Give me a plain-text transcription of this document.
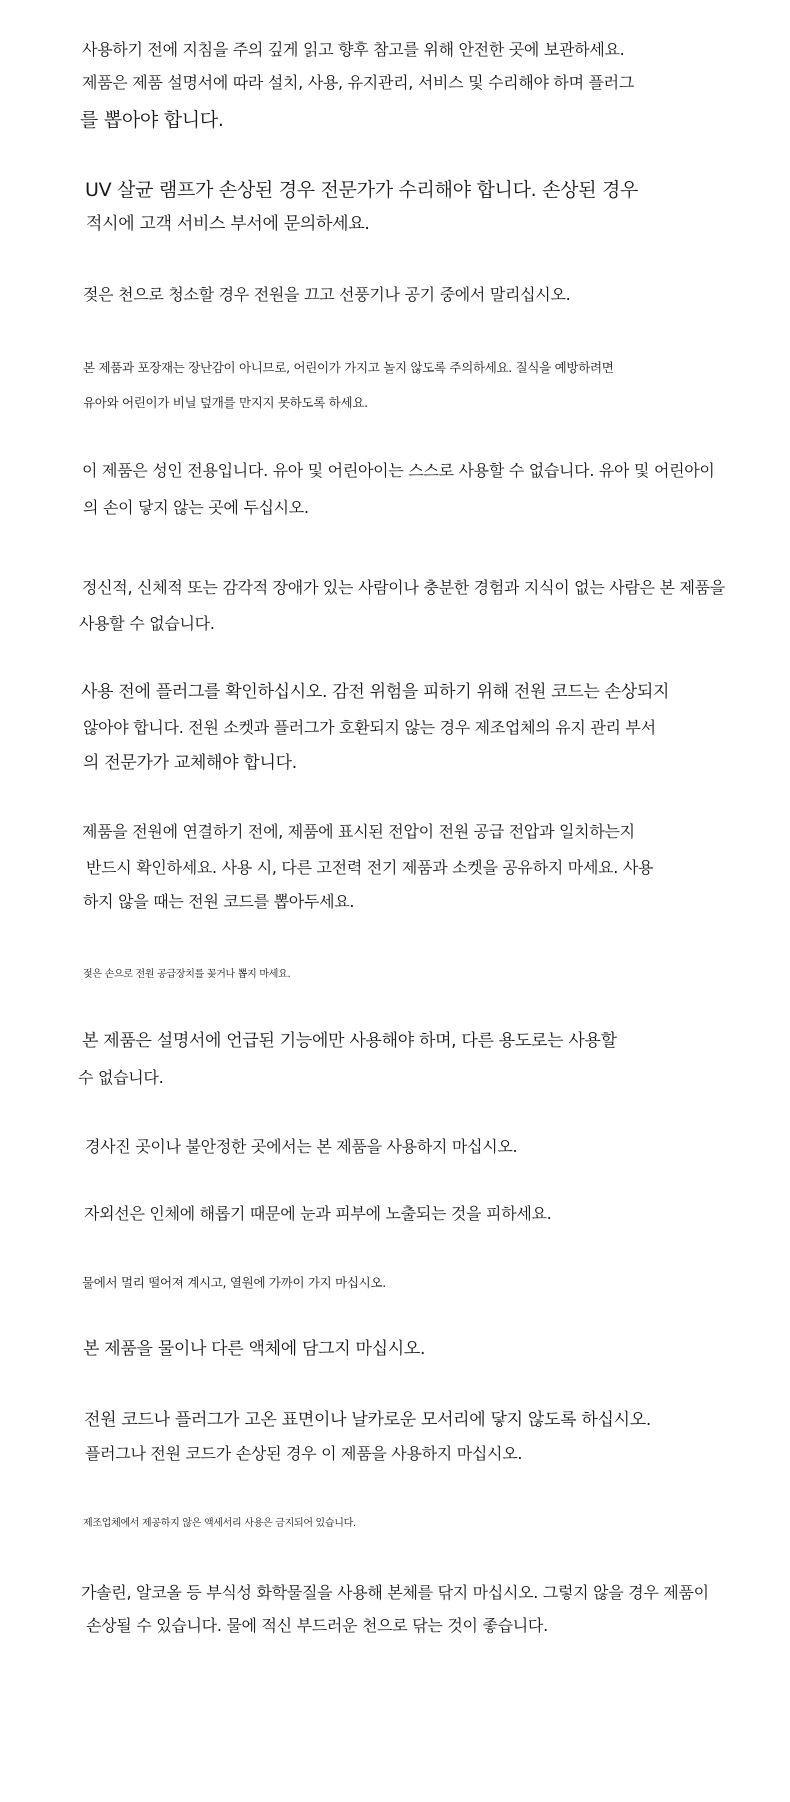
사용하기 전에 지침을 주의 깊게 읽고 향후 참고를 위해 안전한 곳에 보관하세요.
제품은 제품 설명서에 따라 설치, 사용, 유지관리, 서비스 및 수리해야 하며 플러그
를 뽑아야 합니다.
UV 살균 램프가 손상된 경우 전문가가 수리해야 합니다. 손상된 경우
적시에 고객 서비스 부서에 문의하세요.
젖은 천으로 청소할 경우 전원을 끄고 선풍기나 공기 중에서 말리십시오.
본 제품과 포장재는 장난감이 아니므로, 어린이가 가지고 놀지 않도록 주의하세요. 질식을 예방하려면
유아와 어린이가 비닐 덮개를 만지지 못하도록 하세요.
이 제품은 성인 전용입니다. 유아 및 어린아이는 스스로 사용할 수 없습니다. 유아 및 어린아이
의 손이 닿지 않는 곳에 두십시오.
정신적, 신체적 또는 감각적 장애가 있는 사람이나 충분한 경험과 지식이 없는 사람은 본 제품을
사용할 수 없습니다.
사용 전에 플러그를 확인하십시오. 감전 위험을 피하기 위해 전원 코드는 손상되지
않아야 합니다. 전원 소켓과 플러그가 호환되지 않는 경우 제조업체의 유지 관리 부서
의 전문가가 교체해야 합니다.
제품을 전원에 연결하기 전에, 제품에 표시된 전압이 전원 공급 전압과 일치하는지
반드시 확인하세요. 사용 시, 다른 고전력 전기 제품과 소켓을 공유하지 마세요. 사용
하지 않을 때는 전원 코드를 뽑아두세요.
젖은 손으로 전원 공급장치를 꽂거나 뽑지 마세요.
본 제품은 설명서에 언급된 기능에만 사용해야 하며, 다른 용도로는 사용할
수 없습니다.
경사진 곳이나 불안정한 곳에서는 본 제품을 사용하지 마십시오.
자외선은 인체에 해롭기 때문에 눈과 피부에 노출되는 것을 피하세요.
물에서 멀리 떨어져 계시고, 열원에 가까이 가지 마십시오.
본 제품을 물이나 다른 액체에 담그지 마십시오.
전원 코드나 플러그가 고온 표면이나 날카로운 모서리에 닿지 않도록 하십시오.
플러그나 전원 코드가 손상된 경우 이 제품을 사용하지 마십시오.
제조업체에서 제공하지 않은 액세서리 사용은 금지되어 있습니다.
가솔린, 알코올 등 부식성 화학물질을 사용해 본체를 닦지 마십시오. 그렇지 않을 경우 제품이
손상될 수 있습니다. 물에 적신 부드러운 천으로 닦는 것이 좋습니다.
